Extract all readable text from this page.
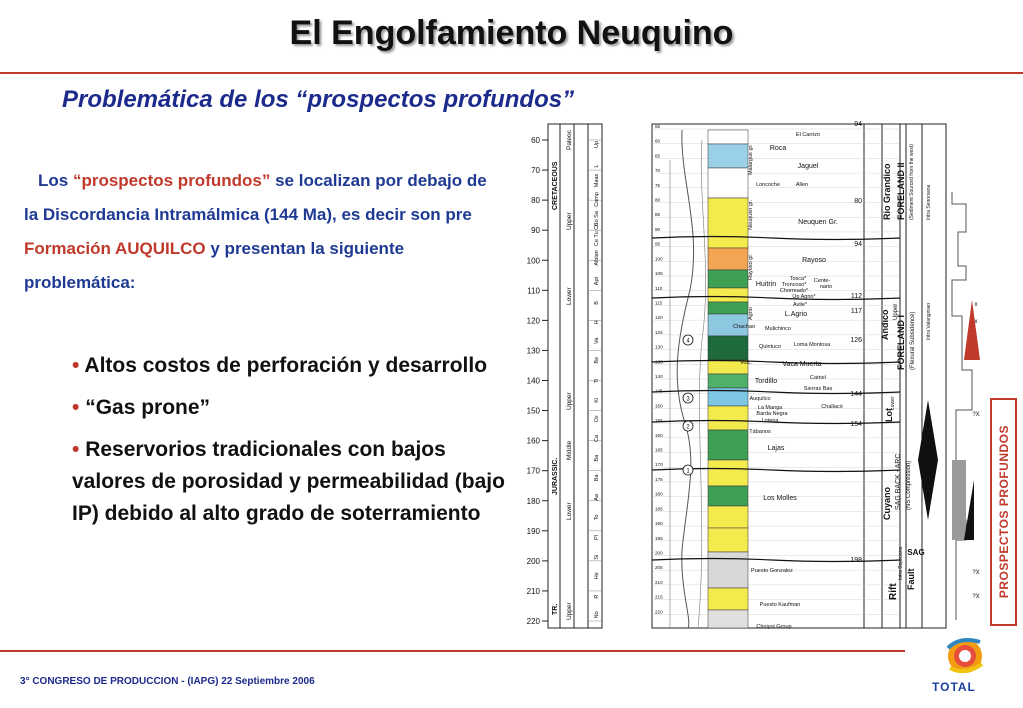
El Engolfamiento Neuquino
Problemática de los “prospectos profundos”
Los “prospectos profundos” se localizan por debajo de la Discordancia Intramálmica (144 Ma), es decir son pre Formación AUQUILCO y presentan la siguiente problemática:

• Altos costos de perforación y desarrollo

• “Gas prone”

• Reservorios tradicionales con bajos valores de porosidad y permeabilidad (bajo IP) debido al alto grado de soterramiento

60
70
80
90
100
110
120
130
140
150
160
170
180
190
200
210
220
CRETACEOUS
JURASSIC.
TR.
Paleoc
Upper
Lower
Upper
Middle
Lower
Upper
Up
L
Maas
Camp
Co Sa
Ce Tu Co
Albian
Apt
B
H
Va
Be
Ti
Ki
Ox
Ca
Ba
Ba
Aa
To
Pl
Si
He
R
No
55
60
65
70
75
80
85
90
95
100
105
110
115
120
125
130
135
140
145
150
155
160
165
170
175
180
185
190
195
200
205
210
215
220
Malargue gr.
Neuquen gr.
Rayoso gr.
Agrio
El Carrizo
Roca
Jaguel
Allen
Loncoche
Neuquen Gr.
Rayoso
Tosca*
Troncoso*
Chorreado*
Huitrin	Cente-
nario
Up Agrio*
Avile*
L.Agrio
Chachao Mulichinco
Quintuco Loma Montosa
Volc.	Vaca Muerta
Tordillo	Catriel
Sierras Bas
Auquilco
La Manga
Barda Negra
Lotena
Challacó
Tábanos
Lajas
Los Molles
Puesto Gonzalez
Puesto Kaufman
Choiyoi Group
4
3
2
1
94
80
94
112
117
126
144
154
198
Rio Grandico FORELAND II (Sediment Sourced from the west) Intra Senoniana
Andico Upper
FORELAND I (Flexural Subsidence) Intra Valanginian
Lower
Lot
SAG BACK - ARC (NS Compression)
Cuyano
Intra Bajociana SAG
Rift
Fault
x
x
?X
?X
?X PROSPECTOS PROFUNDOS
3° CONGRESO DE PRODUCCION - (IAPG) 22 Septiembre 2006	TOTAL
